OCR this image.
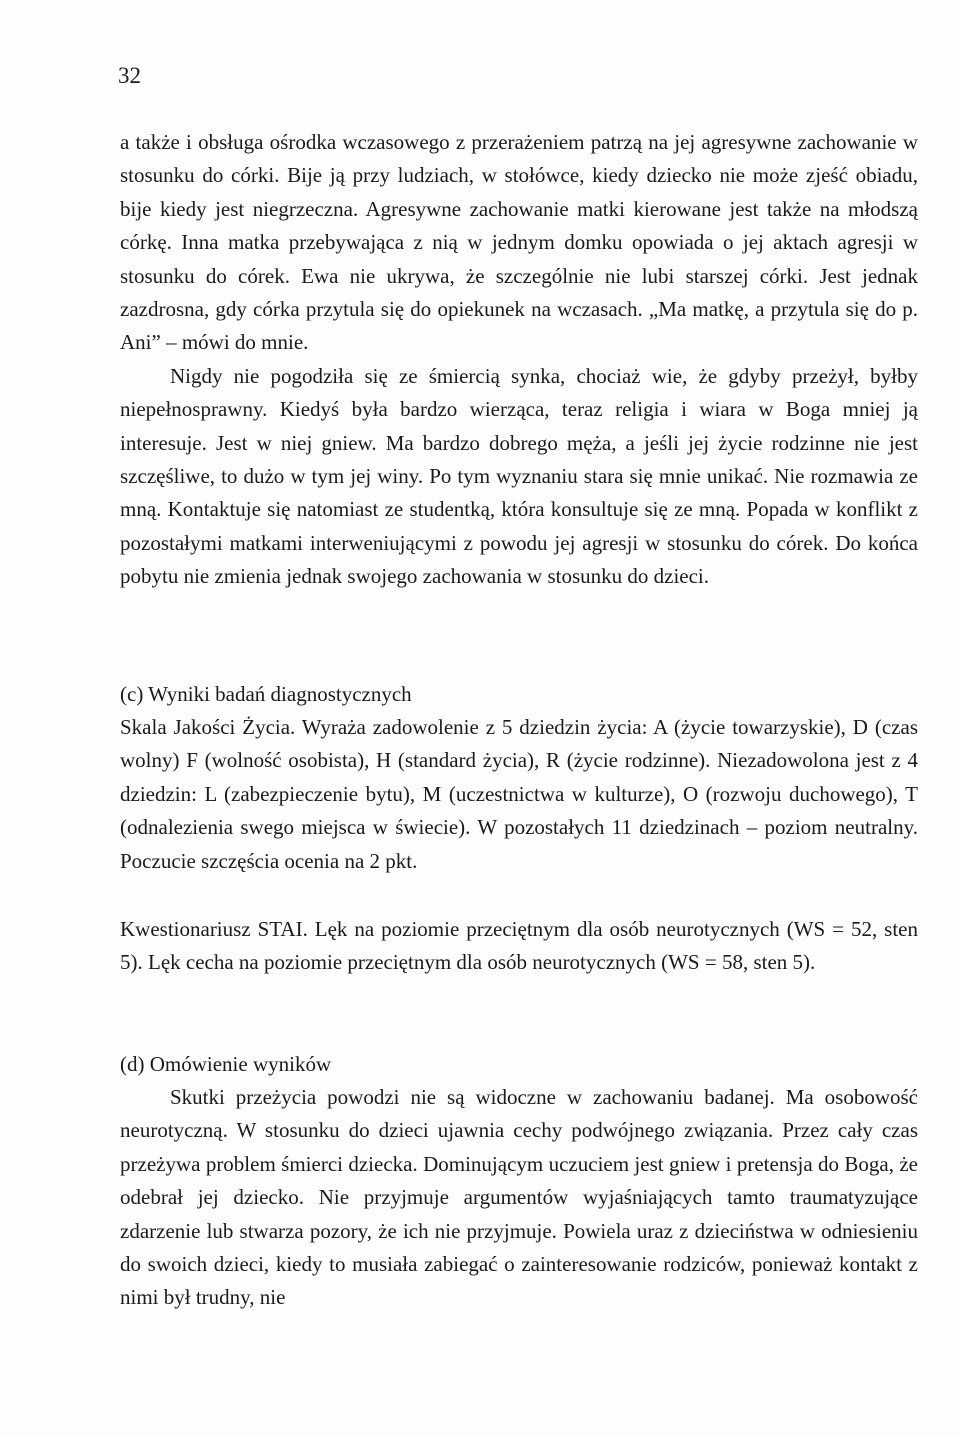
32

a także i obsługa ośrodka wczasowego z przerażeniem patrzą na jej agresywne zachowanie w stosunku do córki. Bije ją przy ludziach, w stołówce, kiedy dziecko nie może zjeść obiadu, bije kiedy jest niegrzeczna. Agresywne zachowanie matki kierowane jest także na młodszą córkę. Inna matka przebywająca z nią w jednym domku opowiada o jej aktach agresji w stosunku do córek. Ewa nie ukrywa, że szczególnie nie lubi starszej córki. Jest jednak zazdrosna, gdy córka przytula się do opiekunek na wczasach. „Ma matkę, a przytula się do p. Ani” – mówi do mnie.

Nigdy nie pogodziła się ze śmiercią synka, chociaż wie, że gdyby przeżył, byłby niepełnosprawny. Kiedyś była bardzo wierząca, teraz religia i wiara w Boga mniej ją interesuje. Jest w niej gniew. Ma bardzo dobrego męża, a jeśli jej życie rodzinne nie jest szczęśliwe, to dużo w tym jej winy. Po tym wyznaniu stara się mnie unikać. Nie rozmawia ze mną. Kontaktuje się natomiast ze studentką, która konsultuje się ze mną. Popada w konflikt z pozostałymi matkami interweniującymi z powodu jej agresji w stosunku do córek. Do końca pobytu nie zmienia jednak swojego zachowania w stosunku do dzieci.

(c) Wyniki badań diagnostycznych

Skala Jakości Życia. Wyraża zadowolenie z 5 dziedzin życia: A (życie towarzyskie), D (czas wolny) F (wolność osobista), H (standard życia), R (życie rodzinne). Niezadowolona jest z 4 dziedzin: L (zabezpieczenie bytu), M (uczestnictwa w kulturze), O (rozwoju duchowego), T (odnalezienia swego miejsca w świecie). W pozostałych 11 dziedzinach – poziom neutralny. Poczucie szczęścia ocenia na 2 pkt.

Kwestionariusz STAI. Lęk na poziomie przeciętnym dla osób neurotycznych (WS = 52, sten 5). Lęk cecha na poziomie przeciętnym dla osób neurotycznych (WS = 58, sten 5).

(d) Omówienie wyników

Skutki przeżycia powodzi nie są widoczne w zachowaniu badanej. Ma osobowość neurotyczną. W stosunku do dzieci ujawnia cechy podwójnego związania. Przez cały czas przeżywa problem śmierci dziecka. Dominującym uczuciem jest gniew i pretensja do Boga, że odebrał jej dziecko. Nie przyjmuje argumentów wyjaśniających tamto traumatyzujące zdarzenie lub stwarza pozory, że ich nie przyjmuje. Powiela uraz z dzieciństwa w odniesieniu do swoich dzieci, kiedy to musiała zabiegać o zainteresowanie rodziców, ponieważ kontakt z nimi był trudny, nie
